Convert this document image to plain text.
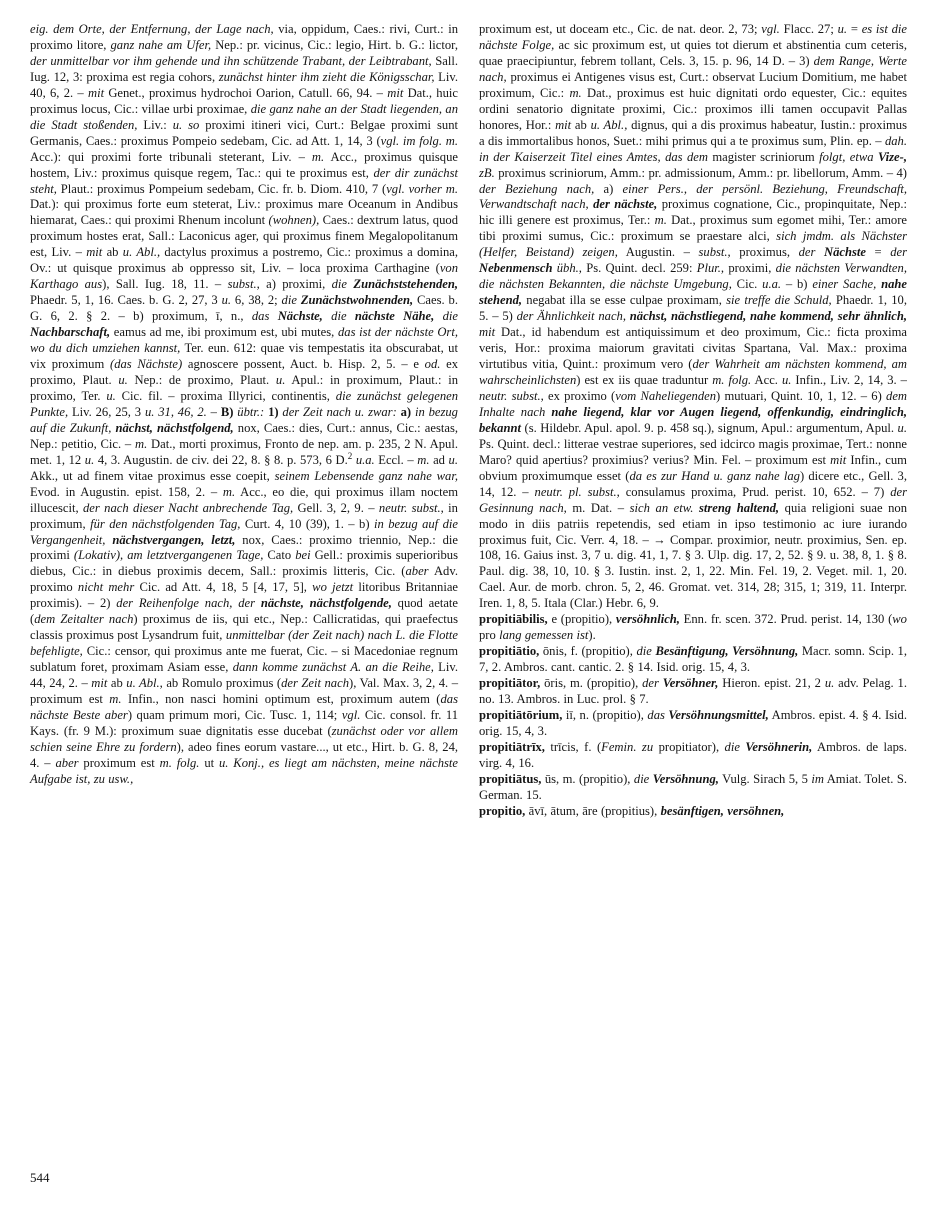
eig. dem Orte, der Entfernung, der Lage nach, via, oppidum, Caes.: rivi, Curt.: in proximo litore, ganz nahe am Ufer, Nep.: pr. vicinus, Cic.: legio, Hirt. b. G.: lictor, der unmittelbar vor ihm gehende und ihn schützende Trabant, der Leibtrabant, Sall. Iug. 12, 3: proxima est regia cohors, zunächst hinter ihm zieht die Königsschar, Liv. 40, 6, 2. – mit Genet., proximus hydrochoi Oarion, Catull. 66, 94. – mit Dat., huic proximus locus, Cic.: villae urbi proximae, die ganz nahe an der Stadt liegenden, an die Stadt stoßenden, Liv.: u. so proximi itineri vici, Curt.: Belgae proximi sunt Germanis, Caes.: proximus Pompeio sedebam, Cic. ad Att. 1, 14, 3 (vgl. im folg. m. Acc.): qui proximi forte tribunali steterant, Liv. – m. Acc., proximus quisque hostem, Liv.: proximus quisque regem, Tac.: qui te proximus est, der dir zunächst steht, Plaut.: proximus Pompeium sedebam, Cic. fr. b. Diom. 410, 7 (vgl. vorher m. Dat.): qui proximus forte eum steterat, Liv.: proximus mare Oceanum in Andibus hiemarat, Caes.: qui proximi Rhenum incolunt (wohnen), Caes.: dextrum latus, quod proximum hostes erat, Sall.: Laconicus ager, qui proximus finem Megalopolitanum est, Liv. – mit ab u. Abl., dactylus proximus a postremo, Cic.: proximus a domina, Ov.: ut quisque proximus ab oppresso sit, Liv. – loca proxima Carthagine (von Karthago aus), Sall. Iug. 18, 11. – subst., a) proximi, die Zunächststehenden, Phaedr. 5, 1, 16. Caes. b. G. 2, 27, 3 u. 6, 38, 2; die Zunächstwohnenden, Caes. b. G. 6, 2. § 2. – b) proximum, ī, n., das Nächste, die nächste Nähe, die Nachbarschaft, eamus ad me, ibi proximum est, ubi mutes, das ist der nächste Ort, wo du dich umziehen kannst, Ter. eun. 612: quae vis tempestatis ita obscurabat, ut vix proximum (das Nächste) agnoscere possent, Auct. b. Hisp. 2, 5. – e od. ex proximo, Plaut. u. Nep.: de proximo, Plaut. u. Apul.: in proximum, Plaut.: in proximo, Ter. u. Cic. fil. – proxima Illyrici, continentis, die zunächst gelegenen Punkte, Liv. 26, 25, 3 u. 31, 46, 2. – B) übtr.: 1) der Zeit nach u. zwar: a) in bezug auf die Zukunft, nächst, nächstfolgend, nox, Caes.: dies, Curt.: annus, Cic.: aestas, Nep.: petitio, Cic. – m. Dat., morti proximus, Fronto de nep. am. p. 235, 2 N. Apul. met. 1, 12 u. 4, 3. Augustin. de civ. dei 22, 8. § 8. p. 573, 6 D.$^2$ u.a. Eccl. – m. ad u. Akk., ut ad finem vitae proximus esse coepit, seinem Lebensende ganz nahe war, Evod. in Augustin. epist. 158, 2. – m. Acc., eo die, qui proximus illam noctem illucescit, der nach dieser Nacht anbrechende Tag, Gell. 3, 2, 9. – neutr. subst., in proximum, für den nächstfolgenden Tag, Curt. 4, 10 (39), 1. – b) in bezug auf die Vergangenheit, nächstvergangen, letzt, nox, Caes.: proximo triennio, Nep.: die proximi (Lokativ), am letztvergangenen Tage, Cato bei Gell.: proximis superioribus diebus, Cic.: in diebus proximis decem, Sall.: proximis litteris, Cic. (aber Adv. proximo nicht mehr Cic. ad Att. 4, 18, 5 [4, 17, 5], wo jetzt litoribus Britanniae proximis). – 2) der Reihenfolge nach, der nächste, nächstfolgende, quod aetate (dem Zeitalter nach) proximus de iis, qui etc., Nep.: Callicratidas, qui praefectus classis proximus post Lysandrum fuit, unmittelbar (der Zeit nach) nach L. die Flotte befehligte, Cic.: censor, qui proximus ante me fuerat, Cic. – si Macedoniae regnum sublatum foret, proximam Asiam esse, dann komme zunächst A. an die Reihe, Liv. 44, 24, 2. – mit ab u. Abl., ab Romulo proximus (der Zeit nach), Val. Max. 3, 2, 4. – proximum est m. Infin., non nasci homini optimum est, proximum autem (das nächste Beste aber) quam primum mori, Cic. Tusc. 1, 114; vgl. Cic. consol. fr. 11 Kays. (fr. 9 M.): proximum suae dignitatis esse ducebat (zunächst oder vor allem schien seine Ehre zu fordern), adeo fines eorum vastare..., ut etc., Hirt. b. G. 8, 24, 4. – aber proximum est m. folg. ut u. Konj., es liegt am nächsten, meine nächste Aufgabe ist, zu usw.,

proximum est, ut doceam etc., Cic. de nat. deor. 2, 73; vgl. Flacc. 27; u. = es ist die nächste Folge, ac sic proximum est, ut quies tot dierum et abstinentia cum ceteris, quae praecipiuntur, febrem tollant, Cels. 3, 15. p. 96, 14 D. – 3) dem Range, Werte nach, proximus ei Antigenes visus est, Curt.: observat Lucium Domitium, me habet proximum, Cic.: m. Dat., proximus est huic dignitati ordo equester, Cic.: equites ordini senatorio dignitate proximi, Cic.: proximos illi tamen occupavit Pallas honores, Hor.: mit ab u. Abl., dignus, qui a dis proximus habeatur, Iustin.: proximus a dis immortalibus honos, Suet.: mihi primus qui a te proximus sum, Plin. ep. – dah. in der Kaiserzeit Titel eines Amtes, das dem magister scriniorum folgt, etwa Vize-, zB. proximus scriniorum, Amm.: pr. admissionum, Amm.: pr. libellorum, Amm. – 4) der Beziehung nach, a) einer Pers., der persönl. Beziehung, Freundschaft, Verwandtschaft nach, der nächste, proximus cognatione, Cic., propinquitate, Nep.: hic illi genere est proximus, Ter.: m. Dat., proximus sum egomet mihi, Ter.: amore tibi proximi sumus, Cic.: proximum se praestare alci, sich jmdm. als Nächster (Helfer, Beistand) zeigen, Augustin. – subst., proximus, der Nächste = der Nebenmensch übh., Ps. Quint. decl. 259: Plur., proximi, die nächsten Verwandten, die nächsten Bekannten, die nächste Umgebung, Cic. u.a. – b) einer Sache, nahe stehend, negabat illa se esse culpae proximam, sie treffe die Schuld, Phaedr. 1, 10, 5. – 5) der Ähnlichkeit nach, nächst, nächstliegend, nahe kommend, sehr ähnlich, mit Dat., id habendum est antiquissimum et deo proximum, Cic.: ficta proxima veris, Hor.: proxima maiorum gravitati civitas Spartana, Val. Max.: proxima virtutibus vitia, Quint.: proximum vero (der Wahrheit am nächsten kommend, am wahrscheinlichsten) est ex iis quae traduntur m. folg. Acc. u. Infin., Liv. 2, 14, 3. – neutr. subst., ex proximo (vom Naheliegenden) mutuari, Quint. 10, 1, 12. – 6) dem Inhalte nach nahe liegend, klar vor Augen liegend, offenkundig, eindringlich, bekannt (s. Hildebr. Apul. apol. 9. p. 458 sq.), signum, Apul.: argumentum, Apul. u. Ps. Quint. decl.: litterae vestrae superiores, sed idcirco magis proximae, Tert.: nonne Maro? quid apertius? proximius? verius? Min. Fel. – proximum est mit Infin., cum obvium proximumque esset (da es zur Hand u. ganz nahe lag) dicere etc., Gell. 3, 14, 12. – neutr. pl. subst., consulamus proxima, Prud. perist. 10, 652. – 7) der Gesinnung nach, m. Dat. – sich an etw. streng haltend, quia religioni suae non modo in diis patriis repetendis, sed etiam in ipso testimonio ac iure iurando proximus fuit, Cic. Verr. 4, 18. – → Compar. proximior, neutr. proximius, Sen. ep. 108, 16. Gaius inst. 3, 7 u. dig. 41, 1, 7. § 3. Ulp. dig. 17, 2, 52. § 9. u. 38, 8, 1. § 8. Paul. dig. 38, 10, 10. § 3. Iustin. inst. 2, 1, 22. Min. Fel. 19, 2. Veget. mil. 1, 20. Cael. Aur. de morb. chron. 5, 2, 46. Gromat. vet. 314, 28; 315, 1; 319, 11. Interpr. Iren. 1, 8, 5. Itala (Clar.) Hebr. 6, 9.

propitiābilis, e (propitio), versöhnlich, Enn. fr. scen. 372. Prud. perist. 14, 130 (wo pro lang gemessen ist).

propitiātio, ōnis, f. (propitio), die Besänftigung, Versöhnung, Macr. somn. Scip. 1, 7, 2. Ambros. cant. cantic. 2. § 14. Isid. orig. 15, 4, 3.

propitiātor, ōris, m. (propitio), der Versöhner, Hieron. epist. 21, 2 u. adv. Pelag. 1. no. 13. Ambros. in Luc. prol. § 7.

propitiātōrium, iī, n. (propitio), das Versöhnungsmittel, Ambros. epist. 4. § 4. Isid. orig. 15, 4, 3.

propitiātrīx, trīcis, f. (Femin. zu propitiator), die Versöhnerin, Ambros. de laps. virg. 4, 16.

propitiātus, ūs, m. (propitio), die Versöhnung, Vulg. Sirach 5, 5 im Amiat. Tolet. S. German. 15.

propitio, āvī, ātum, āre (propitius), besänftigen, versöhnen,

544
